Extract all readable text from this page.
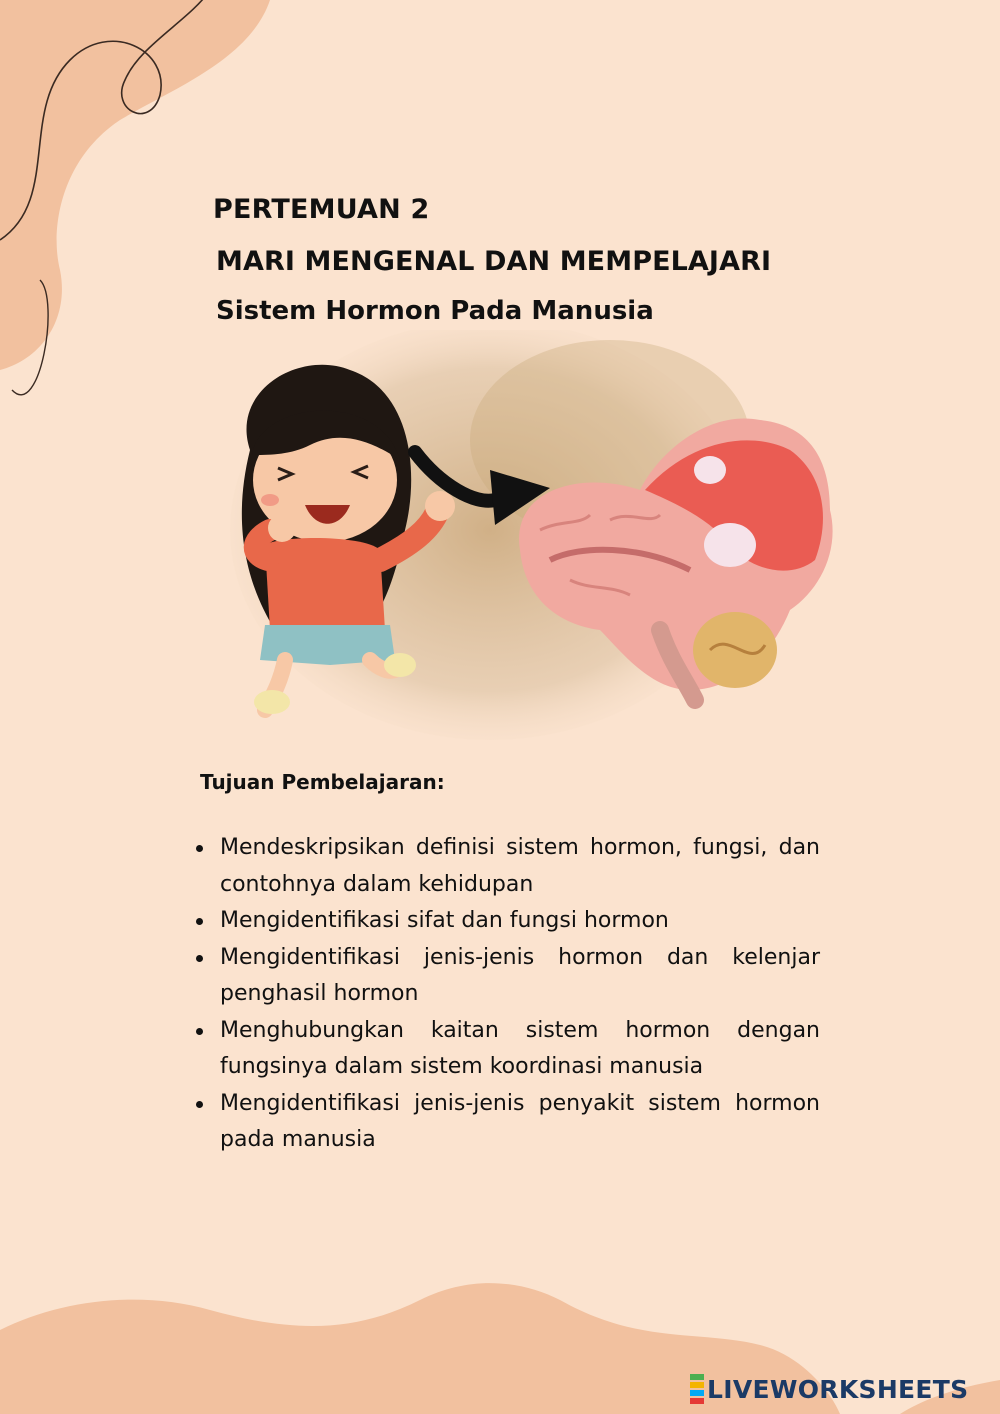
PERTEMUAN 2
MARI MENGENAL DAN MEMPELAJARI
Sistem Hormon Pada Manusia
Tujuan Pembelajaran:
Mendeskripsikan definisi sistem hormon, fungsi, dan contohnya dalam kehidupan
Mengidentifikasi sifat dan fungsi hormon
Mengidentifikasi jenis-jenis hormon dan kelenjar penghasil hormon
Menghubungkan kaitan sistem hormon dengan fungsinya dalam sistem koordinasi manusia
Mengidentifikasi jenis-jenis penyakit sistem hormon pada manusia
LIVEWORKSHEETS
